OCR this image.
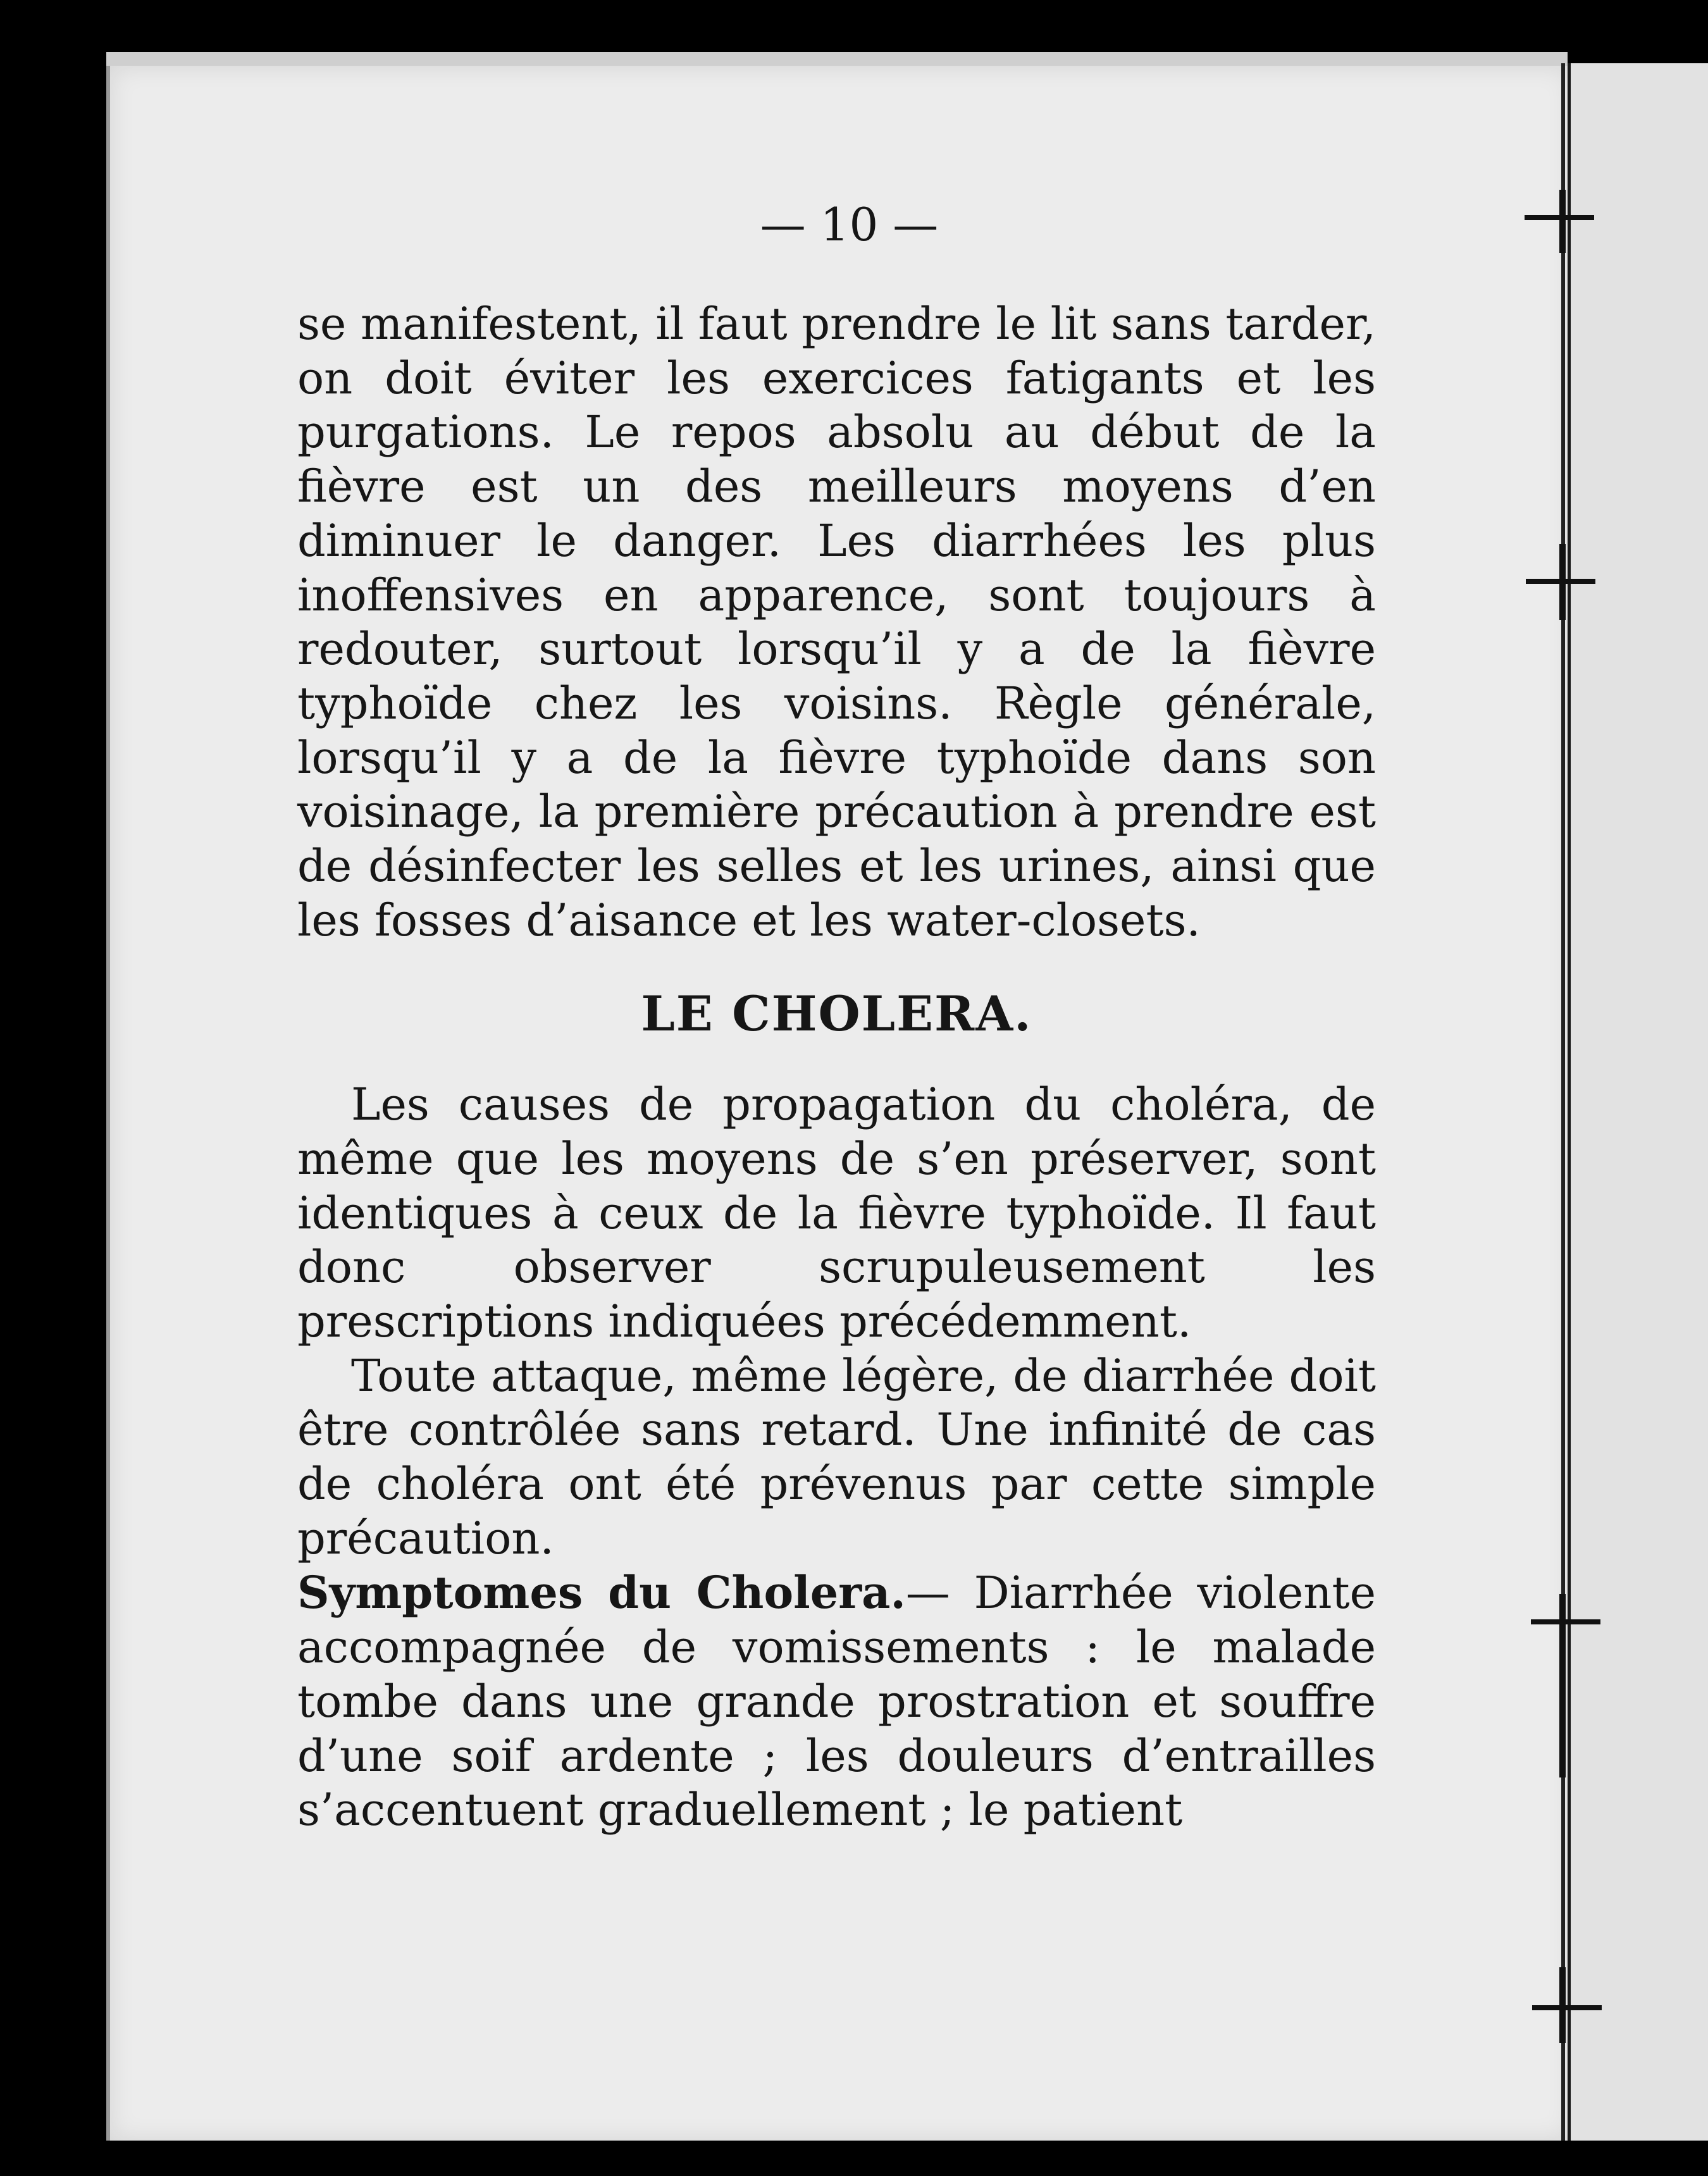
— 10 —

se manifestent, il faut prendre le lit sans tarder, on doit éviter les exercices fatigants et les purgations. Le repos absolu au début de la fièvre est un des meilleurs moyens d’en diminuer le danger. Les diarrhées les plus inoffensives en apparence, sont toujours à redouter, surtout lorsqu’il y a de la fièvre typhoïde chez les voisins. Règle générale, lorsqu’il y a de la fièvre typhoïde dans son voisinage, la première précaution à prendre est de désinfecter les selles et les urines, ainsi que les fosses d’aisance et les water-closets.

LE CHOLERA.

Les causes de propagation du choléra, de même que les moyens de s’en préserver, sont identiques à ceux de la fièvre typhoïde. Il faut donc observer scrupuleusement les prescriptions indiquées précédemment.

Toute attaque, même légère, de diarrhée doit être contrôlée sans retard. Une infinité de cas de choléra ont été prévenus par cette simple précaution.

Symptomes du Cholera.— Diarrhée violente accompagnée de vomissements : le malade tombe dans une grande prostration et souffre d’une soif ardente ; les douleurs d’entrailles s’accentuent graduellement ; le patient
